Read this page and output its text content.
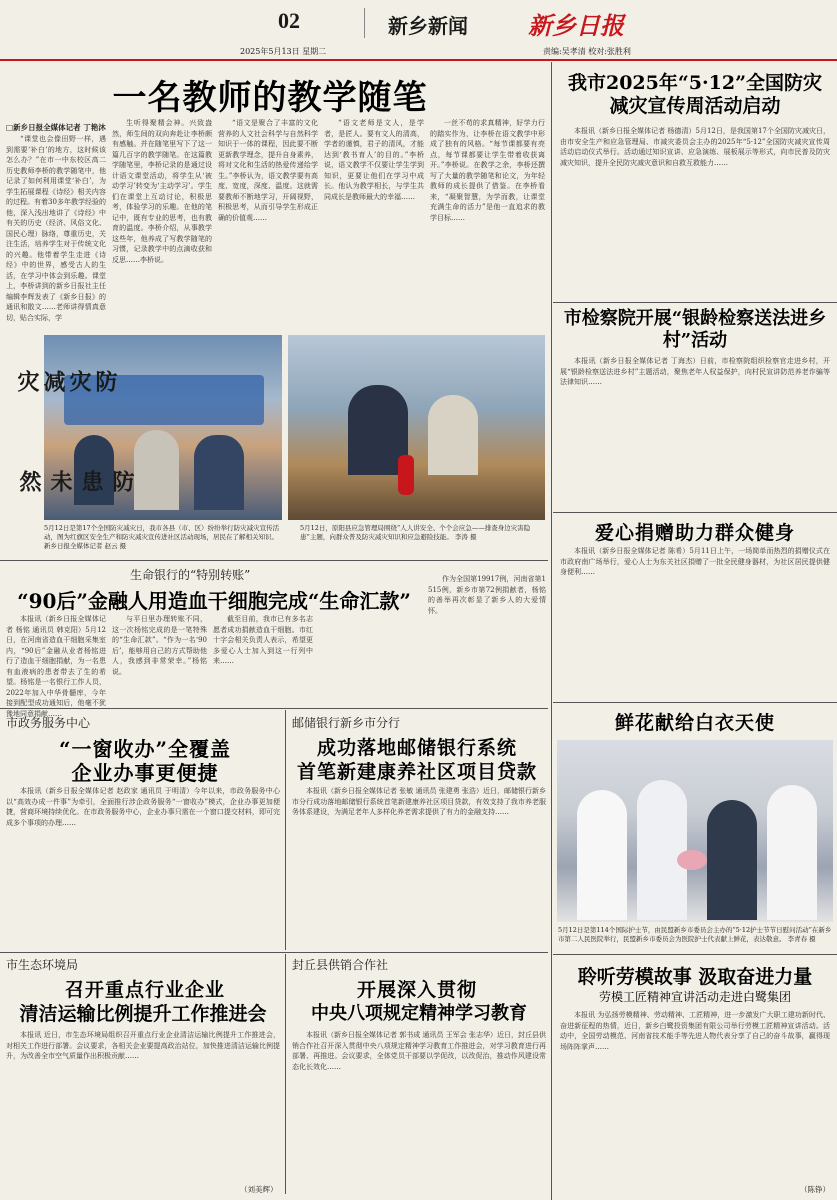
02	新乡新闻	新乡日报
2025年5月13日 星期二	责编:吴孝清 校对:张胜利
一名教师的教学随笔
□新乡日报全媒体记者 丁艳沐

“课堂也会像田野一样，遇到需要‘补白’的地方，这时候该怎么办？”在市一中东校区高二历史教师李桥的教学随笔中，他记录了如何利用课堂‘补白’，为学生拓展课程《诗经》相关内容的过程。有着30多年教学经验的他，深入浅出地讲了《诗经》中有关的历史（经济、风俗文化、国民心理）脉络，尊重历史，关注生活，培养学生对于传统文化的兴趣。他带着学生走进《诗经》中的世界，感受古人的生活，在学习中体会到乐趣。课堂上，李桥讲到的新乡日报社主任编辑李辉发表了《新乡日报》的通讯和散文……老师讲得情真意切，贴合实际，学

生听得聚精会神。兴致盎然，师生间的双向奔赴让李桥颇有感触。并在随笔里写下了这一篇几百字的教学随笔。在这篇教学随笔里，李桥记录的是通过设计语文课堂活动，将学生从‘被动学习’转变为‘主动学习’。学生们在课堂上互动讨论，积极思考，体验学习的乐趣。在他的笔记中，既有专业的思考，也有教育的温度。李桥介绍，从事教学这些年，他养成了写教学随笔的习惯，记录教学中的点滴收获和反思……李桥说。

“语文是聚合了丰富的文化营养的人文社会科学与自然科学知识于一体的课程，因此要不断更新教学理念，提升自身素养，将对文化和生活的热爱传递给学生。”李桥认为，语文教学要有高度、宽度，深度、温度。这就需要教师不断地学习，开阔视野，积极思考，从而引导学生形成正确的价值观……

“语文老师是文人，是学者，是匠人。要有文人的清高，学者的谨慎，君子的清风，才能达到‘教书育人’的目的。”李桥说，语文教学不仅要让学生学到知识，更要让他们在学习中成长。他认为教学相长，与学生共同成长是教师最大的幸福……

一丝不苟的求真精神，好学力行的踏实作为，让李桥在语文教学中形成了独有的风格。“每节课都要有亮点，每节课都要让学生带着收获离开。”李桥说。在教学之余，李桥还撰写了大量的教学随笔和论文，为年轻教师的成长提供了借鉴。在李桥看来，“凝聚智慧，为学而教，让课堂充满生命的活力”是他一直追求的教学目标……

防灾减灾
防患未然
5月12日是第17个全国防灾减灾日，我市各县（市、区）纷纷举行防灾减灾宣传活动，图为红旗区安全生产和防灾减灾宣传进社区活动现场，居民在了解相关知识。 新乡日报全媒体记者 赵云 摄
5月12日，原阳县应急管理局围绕“人人讲安全、个个会应急——排查身边灾害隐患”主题，向群众普及防灾减灾知识和应急避险技能。 李涛 摄
生命银行的“特别转账”
“90后”金融人用造血干细胞完成“生命汇款”

本报讯（新乡日报全媒体记者 杨铭 通讯员 韩克阳）5月12日，在河南省造血干细胞采集室内，“90后”金融从业者杨铭进行了造血干细胞捐献，为一名患有血液病的患者带去了生的希望。杨铭是一名银行工作人员，2022年加入中华骨髓库，今年接到配型成功通知后，他毫不犹豫地同意捐献……

与平日里办理转账不同，这一次杨铭完成的是一笔特殊的“生命汇款”。“作为一名‘90后’，能够用自己的方式帮助他人，我感到非常荣幸。”杨铭说。

截至目前，我市已有多名志愿者成功捐献造血干细胞。市红十字会相关负责人表示，希望更多爱心人士加入到这一行列中来……

作为全国第19917例，河南省第1515例，新乡市第72例捐献者，杨铭的善举再次彰显了新乡人的大爱情怀。

市政务服务中心
“一窗收办”全覆盖
企业办事更便捷

本报讯（新乡日报全媒体记者 赵政家 通讯员 于明清）今年以来，市政务服务中心以“高效办成一件事”为牵引，全面推行涉企政务服务“一窗收办”模式，企业办事更加便捷，营商环境持续优化。在市政务服务中心，企业办事只需在一个窗口提交材料，即可完成多个事项的办理……

邮储银行新乡市分行
成功落地邮储银行系统
首笔新建康养社区项目贷款

本报讯（新乡日报全媒体记者 张敏 通讯员 张建勇 张浩）近日，邮储银行新乡市分行成功落地邮储银行系统首笔新建康养社区项目贷款，有效支持了我市养老服务体系建设，为满足老年人多样化养老需求提供了有力的金融支持……

市生态环境局
召开重点行业企业
清洁运输比例提升工作推进会

本报讯 近日，市生态环境局组织召开重点行业企业清洁运输比例提升工作推进会，对相关工作进行部署。会议要求，各相关企业要提高政治站位，加快推进清洁运输比例提升，为改善全市空气质量作出积极贡献……

（刘美辉）
封丘县供销合作社
开展深入贯彻
中央八项规定精神学习教育

本报讯（新乡日报全媒体记者 郭书成 通讯员 王军会 张志华）近日，封丘县供销合作社召开深入贯彻中央八项规定精神学习教育工作推进会，对学习教育进行再部署、再推进。会议要求，全体党员干部要以学促改，以改促治，推动作风建设常态化长效化……

我市2025年“5·12”全国防灾减灾宣传周活动启动

本报讯（新乡日报全媒体记者 杨德清）5月12日，是我国第17个全国防灾减灾日，由市安全生产和应急管理局、市减灾委员会主办的2025年“5·12”全国防灾减灾宣传周活动启动仪式举行。活动通过知识宣讲、应急演练、展板展示等形式，向市民普及防灾减灾知识，提升全民防灾减灾意识和自救互救能力……

市检察院开展“银龄检察送法进乡村”活动

本报讯（新乡日报全媒体记者 丁海杰）日前，市检察院组织检察官走进乡村，开展“银龄检察送法进乡村”主题活动，聚焦老年人权益保护，向村民宣讲防范养老诈骗等法律知识……

爱心捐赠助力群众健身

本报讯（新乡日报全媒体记者 陈希）5月11日上午，一场简单而热烈的捐赠仪式在市政府南广场举行，爱心人士为东关社区捐赠了一批全民健身器材，为社区居民提供健身便利……

鲜花献给白衣天使
5月12日是第114个国际护士节，由民盟新乡市委员会主办的“5·12护士节节日慰问活动”在新乡市第二人民医院举行，民盟新乡市委员会为医院护士代表献上鲜花，表达敬意。 李青春 摄
聆听劳模故事 汲取奋进力量
劳模工匠精神宣讲活动走进白鹭集团

本报讯 为弘扬劳模精神、劳动精神、工匠精神，进一步激发广大职工建功新时代、奋进新征程的热情，近日，新乡白鹭投资集团有限公司举行劳模工匠精神宣讲活动。活动中，全国劳动模范、河南省技术能手等先进人物代表分享了自己的奋斗故事，赢得现场阵阵掌声……

（陈铮）
